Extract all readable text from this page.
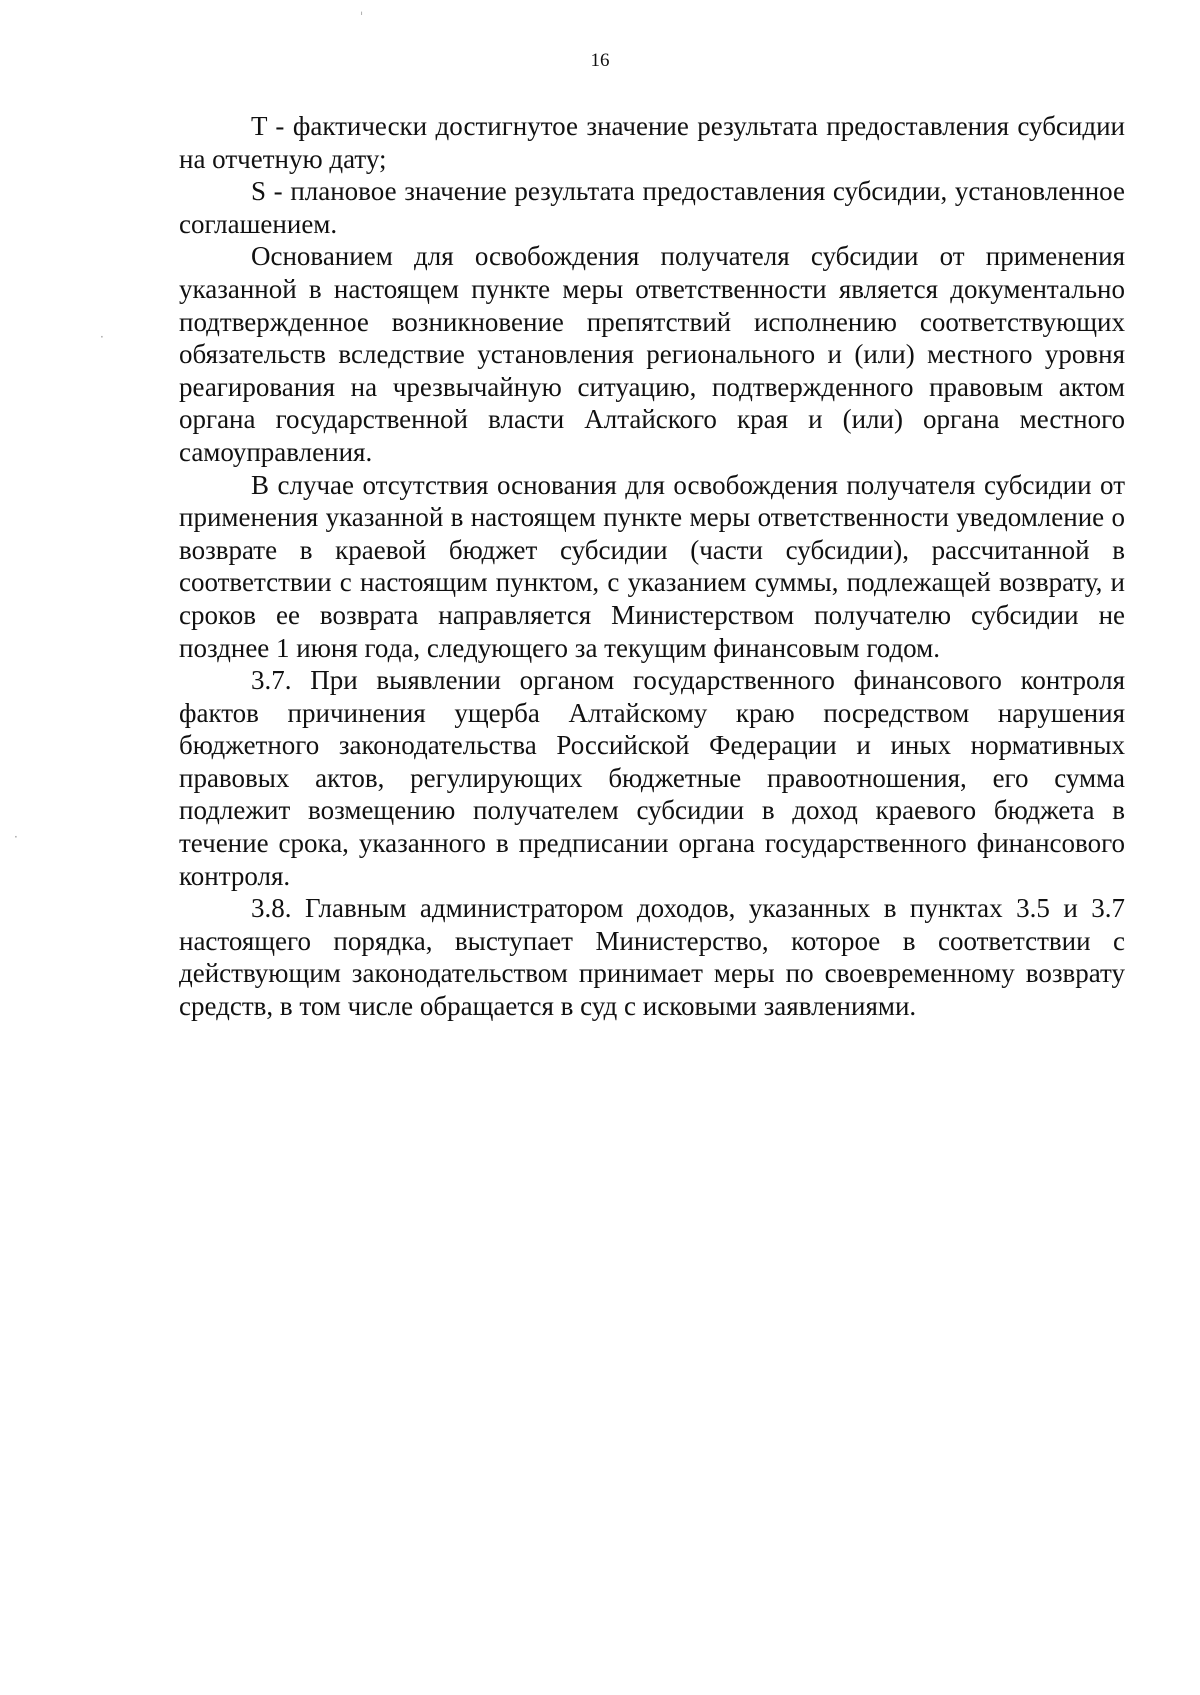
16

T - фактически достигнутое значение результата предоставления субсидии на отчетную дату;

S - плановое значение результата предоставления субсидии, установленное соглашением.

Основанием для освобождения получателя субсидии от применения указанной в настоящем пункте меры ответственности является документально подтвержденное возникновение препятствий исполнению соответствующих обязательств вследствие установления регионального и (или) местного уровня реагирования на чрезвычайную ситуацию, подтвержденного правовым актом органа государственной власти Алтайского края и (или) органа местного самоуправления.

В случае отсутствия основания для освобождения получателя субсидии от применения указанной в настоящем пункте меры ответственности уведомление о возврате в краевой бюджет субсидии (части субсидии), рассчитанной в соответствии с настоящим пунктом, с указанием суммы, подлежащей возврату, и сроков ее возврата направляется Министерством получателю субсидии не позднее 1 июня года, следующего за текущим финансовым годом.

3.7. При выявлении органом государственного финансового контроля фактов причинения ущерба Алтайскому краю посредством нарушения бюджетного законодательства Российской Федерации и иных нормативных правовых актов, регулирующих бюджетные правоотношения, его сумма подлежит возмещению получателем субсидии в доход краевого бюджета в течение срока, указанного в предписании органа государственного финансового контроля.

3.8. Главным администратором доходов, указанных в пунктах 3.5 и 3.7 настоящего порядка, выступает Министерство, которое в соответствии с действующим законодательством принимает меры по своевременному возврату средств, в том числе обращается в суд с исковыми заявлениями.

ˈ
·
·
